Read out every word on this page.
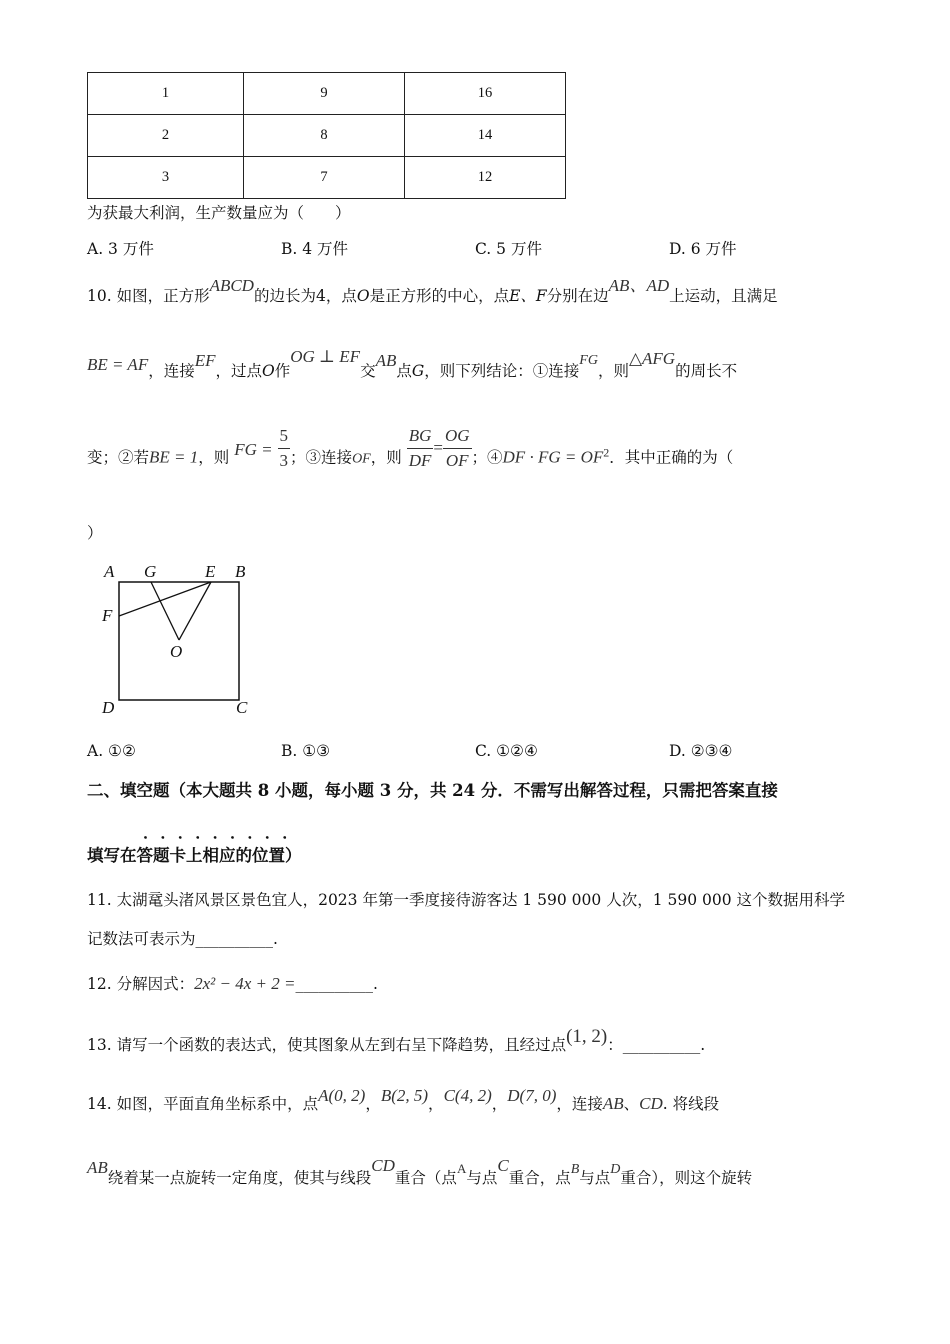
1	9	16
2	8	14
3	7	12
为获最大利润，生产数量应为（　　）
A. 3 万件	B. 4 万件	C. 5 万件	D. 6 万件
10. 如图，正方形ABCD的边长为4，点O是正方形的中心，点E、F分别在边AB、AD上运动，且满足
BE = AF，连接EF，过点O作OG ⊥ EF交AB点G，则下列结论：①连接FG，则△AFG的周长不
变；②若BE = 1，则 FG = $\frac{5}{3}$ ；③连接OF，则 $\frac{BG}{DF} = \frac{OG}{OF}$ ；④DF · FG = $OF^2$．其中正确的为（
）
A G	E B
F
O
D	C
A. ①②	B. ①③	C. ①②④	D. ②③④
二、填空题（本大题共 8 小题，每小题 3 分，共 24 分．不需写出解答过程，只需把答案直接
．．．．．．．．．
填写在答题卡上相应的位置）
11. 太湖鼋头渚风景区景色宜人，2023 年第一季度接待游客达 1 590 000 人次，1 590 000 这个数据用科学
记数法可表示为__________.
12. 分解因式：2x² − 4x + 2 =__________.
13. 请写一个函数的表达式，使其图象从左到右呈下降趋势，且经过点(1, 2)：__________.
14. 如图，平面直角坐标系中，点A(0, 2)，B(2, 5)，C(4, 2)，D(7, 0)，连接AB、CD. 将线段
AB绕着某一点旋转一定角度，使其与线段CD重合（点$^A$与点C重合，点B与点D重合），则这个旋转
